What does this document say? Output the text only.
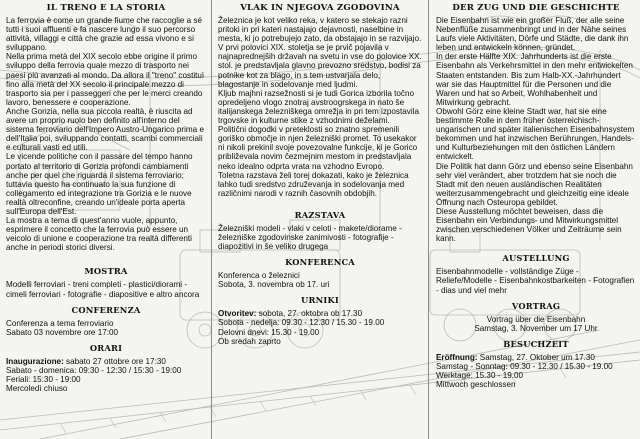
IL TRENO E LA STORIA

La ferrovia è come un grande fiume che raccoglie a sé tutti i suoi affluenti e fa nascere lungo il suo percorso attività, villaggi e città che grazie ad essa vivono e si sviluppano.

Nella prima metà del XIX secolo ebbe origine il primo sviluppo della ferrovia quale mezzo di trasporto nei paesi più avanzati al mondo. Da allora il "treno" costituì fino alla metà del XX secolo il principale mezzo di trasporto sia per i passeggeri che per le merci creando lavoro, benessere e cooperazione.

Anche Gorizia, nella sua piccola realtà, è riuscita ad avere un proprio ruolo ben definito all'interno del sistema ferroviario dell'Impero Austro-Ungarico prima e dell'Italia poi, sviluppando contatti, scambi commerciali e culturali vasti ed utili.

Le vicende politiche con il passare del tempo hanno portato al territorio di Gorizia profondi cambiamenti anche per quel che riguarda il sistema ferroviario; tuttavia questo ha continuato la sua funzione di collegamento ed integrazione tra Gorizia e le nuove realtà oltreconfine, creando un'ideale porta aperta sull'Europa dell'Est.

La mostra a tema di quest'anno vuole, appunto, esprimere il concetto che la ferrovia può essere un veicolo di unione e cooperazione tra realtà differenti anche in periodi storici diversi.

MOSTRA
Modelli ferroviari - treni completi - plastici/diorami - cimeli ferroviari - fotografie - diapositive e altro ancora
CONFERENZA
Conferenza a tema ferroviario
Sabato 03 novembre ore 17:00
ORARI
Inaugurazione: sabato 27 ottobre ore 17:30
Sabato - domenica: 09:30 - 12:30 / 15:30 - 19:00
Feriali: 15:30 - 19:00
Mercoledì chiuso
VLAK IN NJEGOVA ZGODOVINA

Železnica je kot veliko reka, v katero se stekajo razni pritoki in pri kateri nastajajo dejavnosti, naselbine in mesta, ki jo potrebujejo zato, da obstajajo in se razvijajo.

V prvi polovici XIX. stoletja se je prvič pojavila v najnaprednejših državah na svetu in vse do polovice XX. stol. je predstavljala glavno prevozno sredstvo, bodisi za potnike kot za blago, in s tem ustvarjala delo, blagostanje in sodelovanje med ljudmi.

Kljub majhni razsežnosti si je tudi Gorica izborila točno opredeljeno vlogo znotraj avstroogrskega in nato še italijanskega železniškega omrežja in pri tem izpostavila trgovske in kulturne stike z vzhodnimi deželami.

Politični dogodki v preteklosti so znatno spremenili goriško območje in njen železniški promet. To usekakor ni nikoli prekinil svoje povezovalne funkcije, ki je Gorico približevala novim čezmejnim mestom in predstavljala neko idealno odprta vrata na vzhodno Evropo.

Toletna razstava želi torej dokazati, kako je železnica lahko tudi sredstvo združevanja in sodelovanja med različnimi narodi v raznih časovnih obdobjih.

RAZSTAVA
Železniški modeli - vlaki v celoti - makete/diorame - železniške zgodovinske zanimivosti - fotografije - diapozitivi in še veliko drugega
KONFERENCA
Konferenca o železnici
Sobota, 3. novembra ob 17. uri
URNIKI
Otvoritev: sobota, 27. oktobra ob 17.30
Sobota - nedelja: 09.30 - 12.30 / 15.30 - 19.00
Delovni dnevi: 15.30 - 19.00
Ob sredah zaprto
DER ZUG UND DIE GESCHICHTE

Die Eisenbahn ist wie ein großer Fluß, der alle seine Nebenflüße zusammenbringt und in der Nähe seines Laufs viele Aktivitäten, Dörfe und Städte, die dank ihn leben und entwickeln können, gründet.

In der erste Hälfte XIX. Jahrhunderts ist die erste Eisenbahn als Verkehrsmittel in den mehr entwickelten Staaten entstanden. Bis zum Halb-XX.-Jahrhundert war sie das Hauptmittel für die Personen und die Waren und hat so Arbeit, Wohlhabenheit und Mitwirkung gebracht.

Obwohl Görz eine kleine Stadt war, hat sie eine bestimmte Rolle in dem früher österreichisch-ungarischen und später italienischen Eisenbahnsystem bekommen und hat inzwischen Berührungen, Handels- und Kulturbeziehungen mit den östlichen Ländern entwickelt.

Die Politik hat dann Görz und ebenso seine Eisenbahn sehr viel verändert, aber trotzdem hat sie noch die Stadt mit den neuen ausländischen Realitäten weiterzusammengebracht und gleichzeitig eine ideale Öffnung nach Osteuropa gebildet.

Diese Ausstellung möchtet beweisen, dass die Eisenbahn ein Verbindungs- und Mitwirkungsmittel zwischen verschiedenen Völker und Zeiträume sein kann.

AUSTELLUNG
Eisenbahnmodelle - vollständige Züge - Reliefe/Modelle - Eisenbahnkostbarkeiten - Fotografien - dias und viel mehr
VORTRAG
Vortrag über die Eisenbahn
Samstag, 3. November um 17 Uhr
BESUCHZEIT
Eröffnung: Samstag, 27. Oktober um 17.30
Samstag - Sonntag: 09.30 - 12.30 / 15.30 - 19.00
Werktage: 15.30 - 19.00
Mittwoch geschlossen
